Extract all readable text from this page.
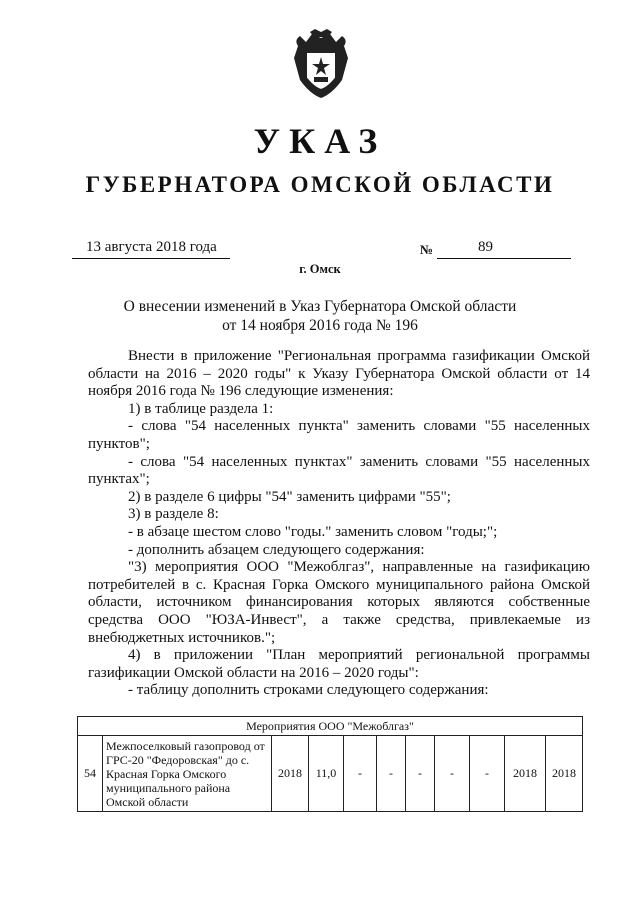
УКАЗ
ГУБЕРНАТОРА ОМСКОЙ ОБЛАСТИ
13 августа 2018 года	№	89
г. Омск
О внесении изменений в Указ Губернатора Омской области
от 14 ноября 2016 года № 196

Внести в приложение "Региональная программа газификации Омской области на 2016 – 2020 годы" к Указу Губернатора Омской области от 14 ноября 2016 года № 196 следующие изменения:

1) в таблице раздела 1:

- слова "54 населенных пункта" заменить словами "55 населенных пунктов";

- слова "54 населенных пунктах" заменить словами "55 населенных пунктах";

2) в разделе 6 цифры "54" заменить цифрами "55";

3) в разделе 8:

- в абзаце шестом слово "годы." заменить словом "годы;";

- дополнить абзацем следующего содержания:

"3) мероприятия ООО "Межоблгаз", направленные на газификацию потребителей в с. Красная Горка Омского муниципального района Омской области, источником финансирования которых являются собственные средства ООО "ЮЗА-Инвест", а также средства, привлекаемые из внебюджетных источников.";

4) в приложении "План мероприятий региональной программы газификации Омской области на 2016 – 2020 годы":

- таблицу дополнить строками следующего содержания:

Мероприятия ООО "Межоблгаз"
54	Межпоселковый газопровод от ГРС-20 "Федоровская" до с. Красная Горка Омского муниципального района Омской области	2018	11,0	-	-	-	-	-	2018	2018
